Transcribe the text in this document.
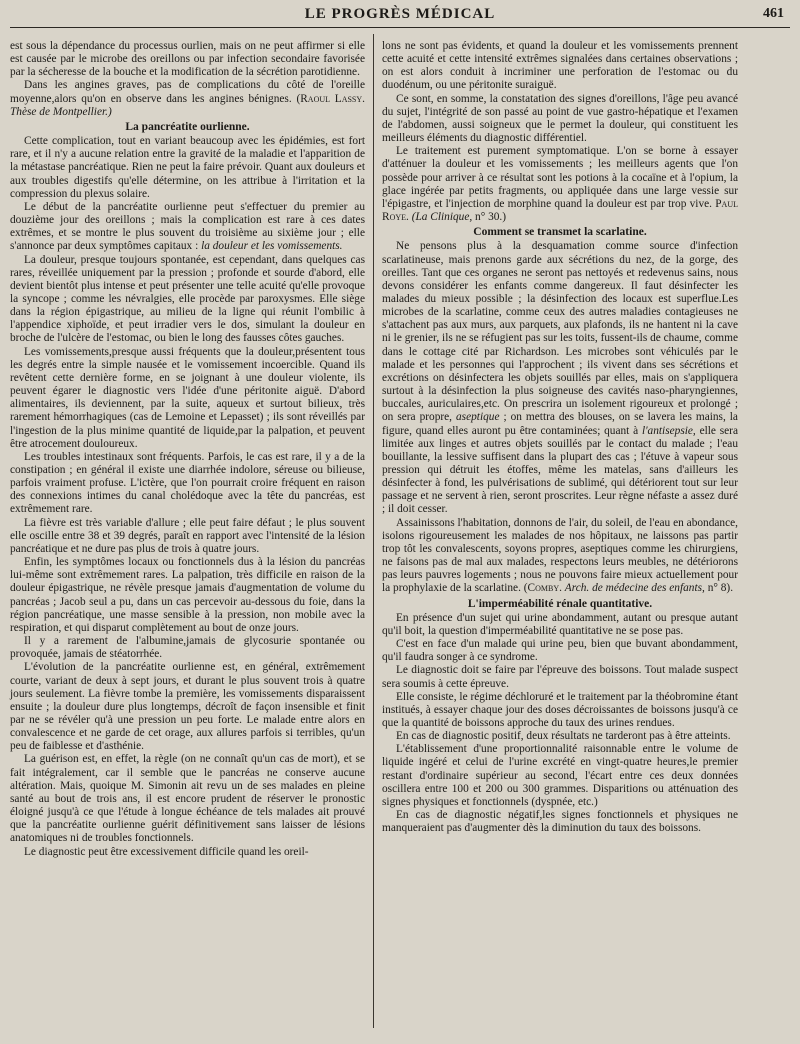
LE PROGRÈS MÉDICAL	461

est sous la dépendance du processus ourlien, mais on ne peut affirmer si elle est causée par le microbe des oreillons ou par infection secondaire favorisée par la sécheresse de la bouche et la modification de la sécrétion parotidienne.

Dans les angines graves, pas de complications du côté de l'oreille moyenne,alors qu'on en observe dans les angines bénignes. (Raoul Lassy. Thèse de Montpellier.)

La pancréatite ourlienne.

Cette complication, tout en variant beaucoup avec les épidémies, est fort rare, et il n'y a aucune relation entre la gravité de la maladie et l'apparition de la métastase pancréatique. Rien ne peut la faire prévoir. Quant aux douleurs et aux troubles digestifs qu'elle détermine, on les attribue à l'irritation et la compression du plexus solaire.

Le début de la pancréatite ourlienne peut s'effectuer du premier au douzième jour des oreillons ; mais la complication est rare à ces dates extrêmes, et se montre le plus souvent du troisième au sixième jour ; elle s'annonce par deux symptômes capitaux : la douleur et les vomissements.

La douleur, presque toujours spontanée, est cependant, dans quelques cas rares, réveillée uniquement par la pression ; profonde et sourde d'abord, elle devient bientôt plus intense et peut présenter une telle acuité qu'elle provoque la syncope ; comme les névralgies, elle procède par paroxysmes. Elle siège dans la région épigastrique, au milieu de la ligne qui réunit l'ombilic à l'appendice xiphoïde, et peut irradier vers le dos, simulant la douleur en broche de l'ulcère de l'estomac, ou bien le long des fausses côtes gauches.

Les vomissements,presque aussi fréquents que la douleur,présentent tous les degrés entre la simple nausée et le vomissement incoercible. Quand ils revêtent cette dernière forme, en se joignant à une douleur violente, ils peuvent égarer le diagnostic vers l'idée d'une péritonite aiguë. D'abord alimentaires, ils deviennent, par la suite, aqueux et surtout bilieux, très rarement hémorrhagiques (cas de Lemoine et Lepasset) ; ils sont réveillés par l'ingestion de la plus minime quantité de liquide,par la palpation, et peuvent être atrocement douloureux.

Les troubles intestinaux sont fréquents. Parfois, le cas est rare, il y a de la constipation ; en général il existe une diarrhée indolore, séreuse ou bilieuse, parfois vraiment profuse. L'ictère, que l'on pourrait croire fréquent en raison des connexions intimes du canal cholédoque avec la tête du pancréas, est extrêmement rare.

La fièvre est très variable d'allure ; elle peut faire défaut ; le plus souvent elle oscille entre 38 et 39 degrés, paraît en rapport avec l'intensité de la lésion pancréatique et ne dure pas plus de trois à quatre jours.

Enfin, les symptômes locaux ou fonctionnels dus à la lésion du pancréas lui-même sont extrêmement rares. La palpation, très difficile en raison de la douleur épigastrique, ne révèle presque jamais d'augmentation de volume du pancréas ; Jacob seul a pu, dans un cas percevoir au-dessous du foie, dans la région pancréatique, une masse sensible à la pression, non mobile avec la respiration, et qui disparut complètement au bout de onze jours.

Il y a rarement de l'albumine,jamais de glycosurie spontanée ou provoquée, jamais de stéatorrhée.

L'évolution de la pancréatite ourlienne est, en général, extrêmement courte, variant de deux à sept jours, et durant le plus souvent trois à quatre jours seulement. La fièvre tombe la première, les vomissements disparaissent ensuite ; la douleur dure plus longtemps, décroît de façon insensible et finit par ne se révéler qu'à une pression un peu forte. Le malade entre alors en convalescence et ne garde de cet orage, aux allures parfois si terribles, qu'un peu de faiblesse et d'asthénie.

La guérison est, en effet, la règle (on ne connaît qu'un cas de mort), et se fait intégralement, car il semble que le pancréas ne conserve aucune altération. Mais, quoique M. Simonin ait revu un de ses malades en pleine santé au bout de trois ans, il est encore prudent de réserver le pronostic éloigné jusqu'à ce que l'étude à longue échéance de tels malades ait prouvé que la pancréatite ourlienne guérit définitivement sans laisser de lésions anatomiques ni de troubles fonctionnels.

Le diagnostic peut être excessivement difficile quand les oreil-

lons ne sont pas évidents, et quand la douleur et les vomissements prennent cette acuité et cette intensité extrêmes signalées dans certaines observations ; on est alors conduit à incriminer une perforation de l'estomac ou du duodénum, ou une péritonite suraiguë.

Ce sont, en somme, la constatation des signes d'oreillons, l'âge peu avancé du sujet, l'intégrité de son passé au point de vue gastro-hépatique et l'examen de l'abdomen, aussi soigneux que le permet la douleur, qui constituent les meilleurs éléments du diagnostic différentiel.

Le traitement est purement symptomatique. L'on se borne à essayer d'atténuer la douleur et les vomissements ; les meilleurs agents que l'on possède pour arriver à ce résultat sont les potions à la cocaïne et à l'opium, la glace ingérée par petits fragments, ou appliquée dans une large vessie sur l'épigastre, et l'injection de morphine quand la douleur est par trop vive. Paul Roye. (La Clinique, n° 30.)

Comment se transmet la scarlatine.

Ne pensons plus à la desquamation comme source d'infection scarlatineuse, mais prenons garde aux sécrétions du nez, de la gorge, des oreilles. Tant que ces organes ne seront pas nettoyés et redevenus sains, nous devons considérer les enfants comme dangereux. Il faut désinfecter les malades du mieux possible ; la désinfection des locaux est superflue.Les microbes de la scarlatine, comme ceux des autres maladies contagieuses ne s'attachent pas aux murs, aux parquets, aux plafonds, ils ne hantent ni la cave ni le grenier, ils ne se réfugient pas sur les toits, fussent-ils de chaume, comme dans le cottage cité par Richardson. Les microbes sont véhiculés par le malade et les personnes qui l'approchent ; ils vivent dans ses sécrétions et excrétions on désinfectera les objets souillés par elles, mais on s'appliquera surtout à la désinfection la plus soigneuse des cavités naso-pharyngiennes, buccales, auriculaires,etc. On prescrira un isolement rigoureux et prolongé ; on sera propre, aseptique ; on mettra des blouses, on se lavera les mains, la figure, quand elles auront pu être contaminées; quant à l'antisepsie, elle sera limitée aux linges et autres objets souillés par le contact du malade ; l'eau bouillante, la lessive suffisent dans la plupart des cas ; l'étuve à vapeur sous pression qui détruit les étoffes, même les matelas, sans d'ailleurs les désinfecter à fond, les pulvérisations de sublimé, qui détériorent tout sur leur passage et ne servent à rien, seront proscrites. Leur règne néfaste a assez duré ; il doit cesser.

Assainissons l'habitation, donnons de l'air, du soleil, de l'eau en abondance, isolons rigoureusement les malades de nos hôpitaux, ne laissons pas partir trop tôt les convalescents, soyons propres, aseptiques comme les chirurgiens, ne faisons pas de mal aux malades, respectons leurs meubles, ne détériorons pas leurs pauvres logements ; nous ne pouvons faire mieux actuellement pour la prophylaxie de la scarlatine. (Comby. Arch. de médecine des enfants, n° 8).

L'imperméabilité rénale quantitative.

En présence d'un sujet qui urine abondamment, autant ou presque autant qu'il boit, la question d'imperméabilité quantitative ne se pose pas.

C'est en face d'un malade qui urine peu, bien que buvant abondamment, qu'il faudra songer à ce syndrome.

Le diagnostic doit se faire par l'épreuve des boissons. Tout malade suspect sera soumis à cette épreuve.

Elle consiste, le régime déchloruré et le traitement par la théobromine étant institués, à essayer chaque jour des doses décroissantes de boissons jusqu'à ce que la quantité de boissons approche du taux des urines rendues.

En cas de diagnostic positif, deux résultats ne tarderont pas à être atteints.

L'établissement d'une proportionnalité raisonnable entre le volume de liquide ingéré et celui de l'urine excrété en vingt-quatre heures,le premier restant d'ordinaire supérieur au second, l'écart entre ces deux données oscillera entre 100 et 200 ou 300 grammes. Disparitions ou atténuation des signes physiques et fonctionnels (dyspnée, etc.)

En cas de diagnostic négatif,les signes fonctionnels et physiques ne manqueraient pas d'augmenter dès la diminution du taux des boissons.
